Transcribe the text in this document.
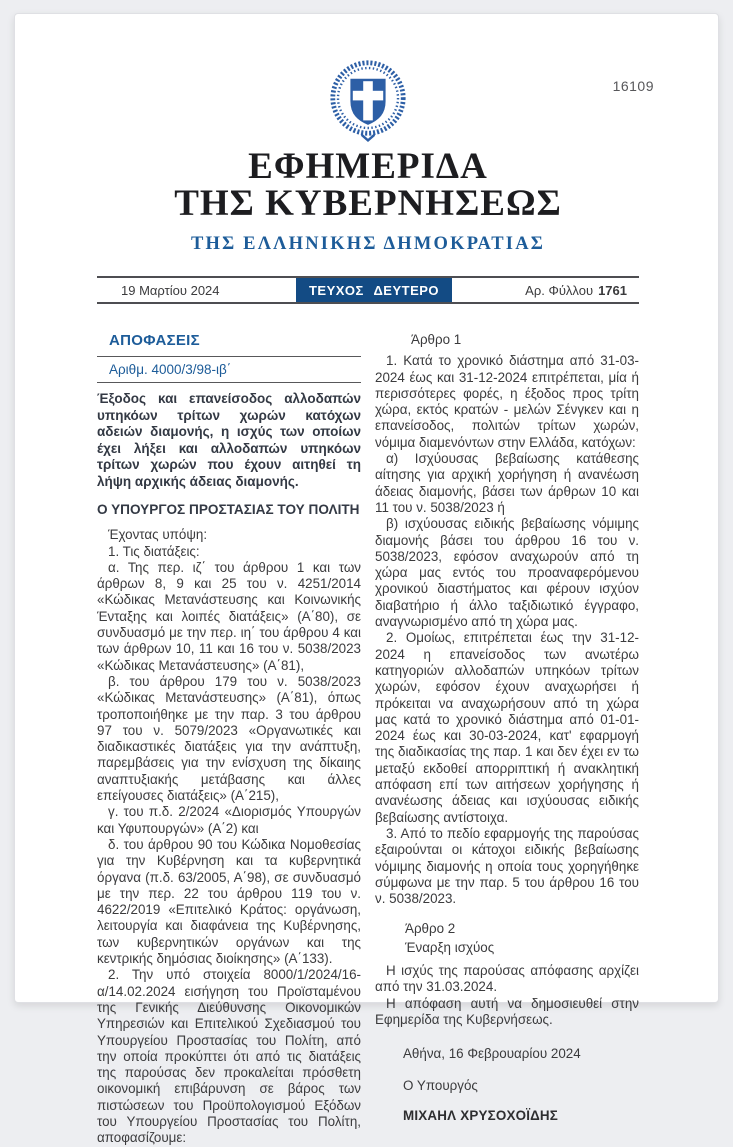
16109
ΕΦΗΜΕΡΙΔΑ
ΤΗΣ ΚΥΒΕΡΝΗΣΕΩΣ
ΤΗΣ ΕΛΛΗΝΙΚΗΣ ΔΗΜΟΚΡΑΤΙΑΣ
19 Μαρτίου 2024	ΤΕΥΧΟΣ ΔΕΥΤΕΡΟ	Αρ. Φύλλου 1761
ΑΠΟΦΑΣΕΙΣ
Αριθμ. 4000/3/98-ιβ΄

Έξοδος και επανείσοδος αλλοδαπών υπηκόων τρίτων χωρών κατόχων αδειών διαμονής, η ισχύς των οποίων έχει λήξει και αλλοδαπών υπηκόων τρίτων χωρών που έχουν αιτηθεί τη λήψη αρχικής άδειας διαμονής.

Ο ΥΠΟΥΡΓΟΣ ΠΡΟΣΤΑΣΙΑΣ ΤΟΥ ΠΟΛΙΤΗ

Έχοντας υπόψη:

1. Τις διατάξεις:

α. Της περ. ιζ΄ του άρθρου 1 και των άρθρων 8, 9 και 25 του ν. 4251/2014 «Κώδικας Μετανάστευσης και Κοινωνικής Ένταξης και λοιπές διατάξεις» (Α΄80), σε συνδυασμό με την περ. ιη΄ του άρθρου 4 και των άρθρων 10, 11 και 16 του ν. 5038/2023 «Κώδικας Μετανάστευσης» (Α΄81),

β. του άρθρου 179 του ν. 5038/2023 «Κώδικας Μετανάστευσης» (Α΄81), όπως τροποποιήθηκε με την παρ. 3 του άρθρου 97 του ν. 5079/2023 «Οργανωτικές και διαδικαστικές διατάξεις για την ανάπτυξη, παρεμβάσεις για την ενίσχυση της δίκαιης αναπτυξιακής μετάβασης και άλλες επείγουσες διατάξεις» (Α΄215),

γ. του π.δ. 2/2024 «Διορισμός Υπουργών και Υφυπουργών» (Α΄2) και

δ. του άρθρου 90 του Κώδικα Νομοθεσίας για την Κυβέρνηση και τα κυβερνητικά όργανα (π.δ. 63/2005, Α΄98), σε συνδυασμό με την περ. 22 του άρθρου 119 του ν. 4622/2019 «Επιτελικό Κράτος: οργάνωση, λειτουργία και διαφάνεια της Κυβέρνησης, των κυβερνητικών οργάνων και της κεντρικής δημόσιας διοίκησης» (Α΄133).

2. Την υπό στοιχεία 8000/1/2024/16-α/14.02.2024 εισήγηση του Προϊσταμένου της Γενικής Διεύθυνσης Οικονομικών Υπηρεσιών και Επιτελικού Σχεδιασμού του Υπουργείου Προστασίας του Πολίτη, από την οποία προκύπτει ότι από τις διατάξεις της παρούσας δεν προκαλείται πρόσθετη οικονομική επιβάρυνση σε βάρος των πιστώσεων του Προϋπολογισμού Εξόδων του Υπουργείου Προστασίας του Πολίτη, αποφασίζουμε:

Άρθρο 1

1. Κατά το χρονικό διάστημα από 31-03-2024 έως και 31-12-2024 επιτρέπεται, μία ή περισσότερες φορές, η έξοδος προς τρίτη χώρα, εκτός κρατών - μελών Σένγκεν και η επανείσοδος, πολιτών τρίτων χωρών, νόμιμα διαμενόντων στην Ελλάδα, κατόχων:

α) Ισχύουσας βεβαίωσης κατάθεσης αίτησης για αρχική χορήγηση ή ανανέωση άδειας διαμονής, βάσει των άρθρων 10 και 11 του ν. 5038/2023 ή

β) ισχύουσας ειδικής βεβαίωσης νόμιμης διαμονής βάσει του άρθρου 16 του ν. 5038/2023, εφόσον αναχωρούν από τη χώρα μας εντός του προαναφερόμενου χρονικού διαστήματος και φέρουν ισχύον διαβατήριο ή άλλο ταξιδιωτικό έγγραφο, αναγνωρισμένο από τη χώρα μας.

2. Ομοίως, επιτρέπεται έως την 31-12-2024 η επανείσοδος των ανωτέρω κατηγοριών αλλοδαπών υπηκόων τρίτων χωρών, εφόσον έχουν αναχωρήσει ή πρόκειται να αναχωρήσουν από τη χώρα μας κατά το χρονικό διάστημα από 01-01-2024 έως και 30-03-2024, κατ' εφαρμογή της διαδικασίας της παρ. 1 και δεν έχει εν τω μεταξύ εκδοθεί απορριπτική ή ανακλητική απόφαση επί των αιτήσεων χορήγησης ή ανανέωσης άδειας και ισχύουσας ειδικής βεβαίωσης αντίστοιχα.

3. Από το πεδίο εφαρμογής της παρούσας εξαιρούνται οι κάτοχοι ειδικής βεβαίωσης νόμιμης διαμονής η οποία τους χορηγήθηκε σύμφωνα με την παρ. 5 του άρθρου 16 του ν. 5038/2023.

Άρθρο 2

Έναρξη ισχύος

Η ισχύς της παρούσας απόφασης αρχίζει από την 31.03.2024.

Η απόφαση αυτή να δημοσιευθεί στην Εφημερίδα της Κυβερνήσεως.

Αθήνα, 16 Φεβρουαρίου 2024

Ο Υπουργός

ΜΙΧΑΗΛ ΧΡΥΣΟΧΟΪΔΗΣ
